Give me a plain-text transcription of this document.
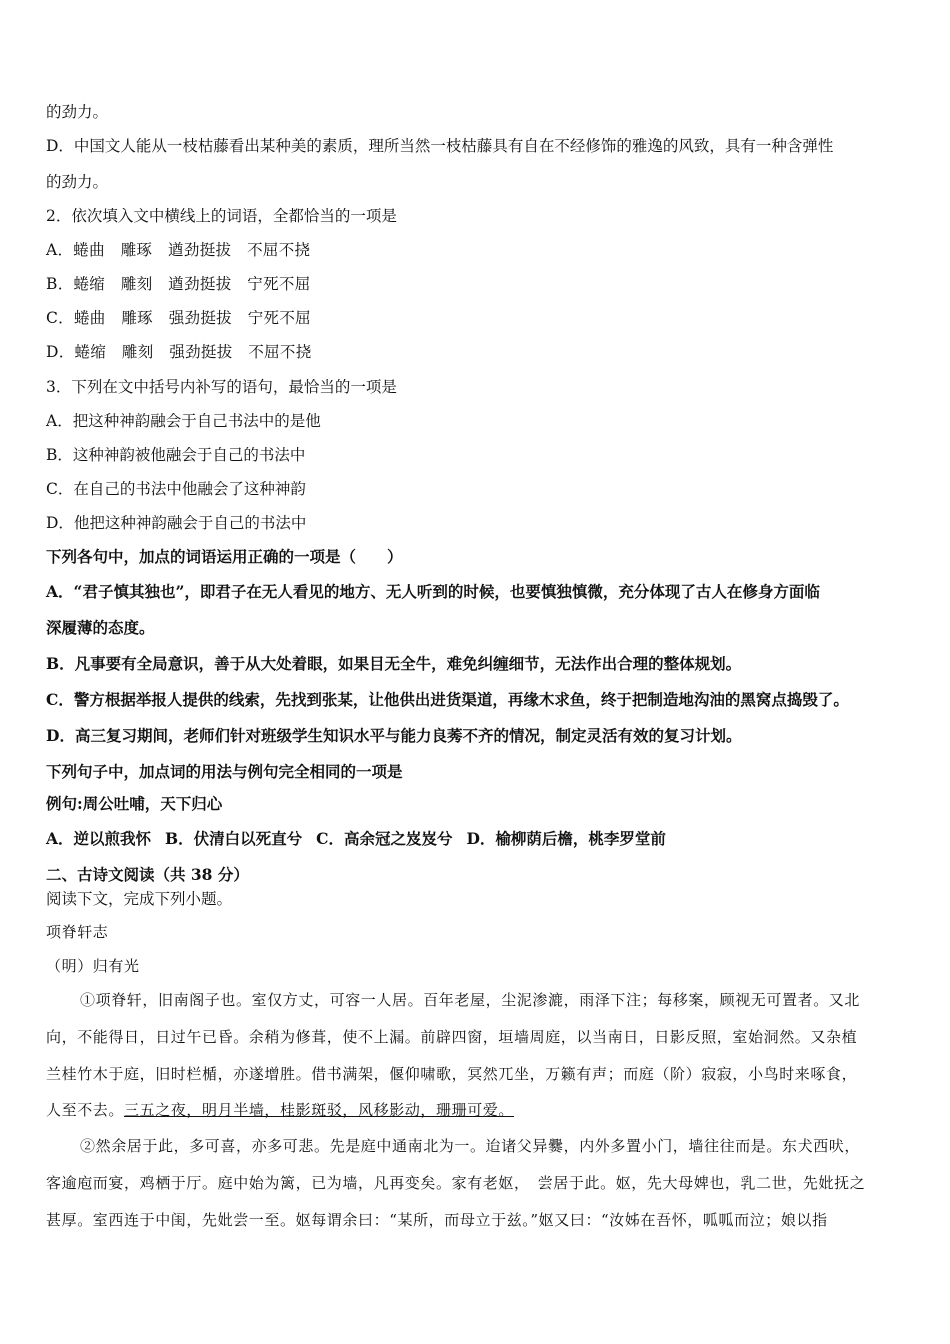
的劲力。
D．中国文人能从一枝枯藤看出某种美的素质，理所当然一枝枯藤具有自在不经修饰的雅逸的风致，具有一种含弹性
的劲力。
2．依次填入文中横线上的词语，全都恰当的一项是
A．蜷曲　雕琢　遒劲挺拔　不屈不挠
B．蜷缩　雕刻　遒劲挺拔　宁死不屈
C．蜷曲　雕琢　强劲挺拔　宁死不屈
D．蜷缩　雕刻　强劲挺拔　不屈不挠
3．下列在文中括号内补写的语句，最恰当的一项是
A．把这种神韵融会于自己书法中的是他
B．这种神韵被他融会于自己的书法中
C．在自己的书法中他融会了这种神韵
D．他把这种神韵融会于自己的书法中
下列各句中，加点的词语运用正确的一项是（　　）
A．“君子慎其独也”，即君子在无人看见的地方、无人听到的时候，也要慎独慎微，充分体现了古人在修身方面临
深履薄的态度。
B．凡事要有全局意识，善于从大处着眼，如果目无全牛，难免纠缠细节，无法作出合理的整体规划。
C．警方根据举报人提供的线索，先找到张某，让他供出进货渠道，再缘木求鱼，终于把制造地沟油的黑窝点捣毁了。
D．高三复习期间，老师们针对班级学生知识水平与能力良莠不齐的情况，制定灵活有效的复习计划。
下列句子中，加点词的用法与例句完全相同的一项是
例句:周公吐哺，天下归心
A．逆以煎我怀 B．伏清白以死直兮 C．高余冠之岌岌兮 D．榆柳荫后檐，桃李罗堂前
二、古诗文阅读（共 38 分）
阅读下文，完成下列小题。
项脊轩志
（明）归有光
①项脊轩，旧南阁子也。室仅方丈，可容一人居。百年老屋，尘泥渗漉，雨泽下注；每移案，顾视无可置者。又北
向，不能得日，日过午已昏。余稍为修葺，使不上漏。前辟四窗，垣墙周庭，以当南日，日影反照，室始洞然。又杂植
兰桂竹木于庭，旧时栏楯，亦遂增胜。借书满架，偃仰啸歌，冥然兀坐，万籁有声；而庭（阶）寂寂，小鸟时来啄食，
人至不去。三五之夜，明月半墙，桂影斑驳，风移影动，珊珊可爱。
②然余居于此，多可喜，亦多可悲。先是庭中通南北为一。迨诸父异爨，内外多置小门，墙往往而是。东犬西吠，
客逾庖而宴，鸡栖于厅。庭中始为篱，已为墙，凡再变矣。家有老妪，　尝居于此。妪，先大母婢也，乳二世，先妣抚之
甚厚。室西连于中闺，先妣尝一至。妪每谓余曰：“某所，而母立于兹。”妪又曰：“汝姊在吾怀，呱呱而泣；娘以指
